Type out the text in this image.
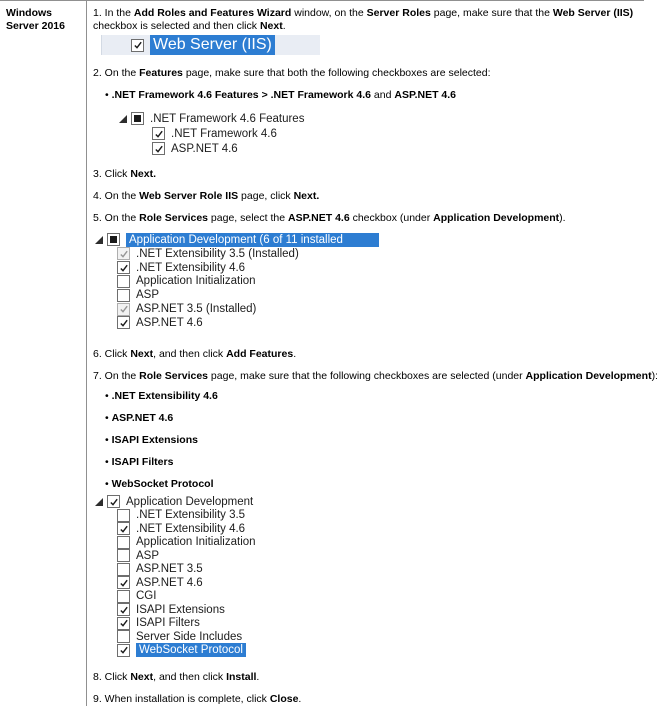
Windows Server 2016

1. In the Add Roles and Features Wizard window, on the Server Roles page, make sure that the Web Server (IIS) checkbox is selected and then click Next.

Web Server (IIS)

2. On the Features page, make sure that both the following checkboxes are selected:

• .NET Framework 4.6 Features > .NET Framework 4.6 and ASP.NET 4.6

.NET Framework 4.6 Features
.NET Framework 4.6
ASP.NET 4.6

3. Click Next.

4. On the Web Server Role IIS page, click Next.

5. On the Role Services page, select the ASP.NET 4.6 checkbox (under Application Development).

Application Development (6 of 11 installed
.NET Extensibility 3.5 (Installed)
.NET Extensibility 4.6
Application Initialization
ASP
ASP.NET 3.5 (Installed)
ASP.NET 4.6

6. Click Next, and then click Add Features.

7. On the Role Services page, make sure that the following checkboxes are selected (under Application Development):

• .NET Extensibility 4.6
• ASP.NET 4.6
• ISAPI Extensions
• ISAPI Filters
• WebSocket Protocol
Application Development
.NET Extensibility 3.5
.NET Extensibility 4.6
Application Initialization
ASP
ASP.NET 3.5
ASP.NET 4.6
CGI
ISAPI Extensions
ISAPI Filters
Server Side Includes
WebSocket Protocol

8. Click Next, and then click Install.

9. When installation is complete, click Close.
